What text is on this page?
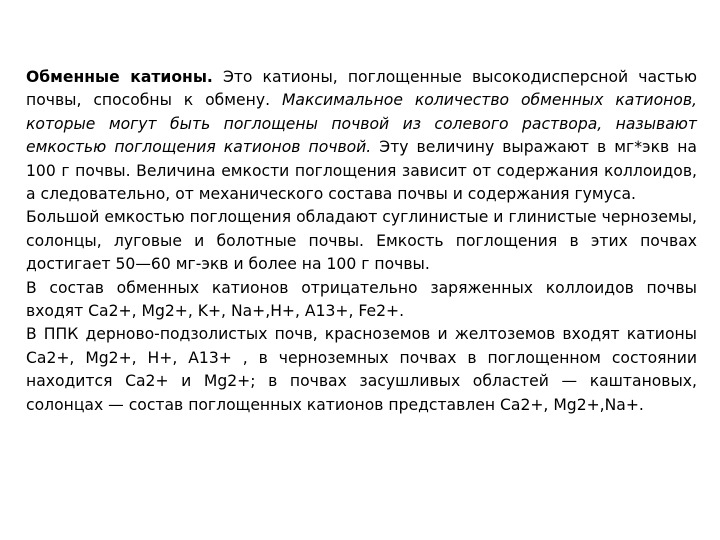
Обменные катионы. Это катионы, поглощенные высокодисперсной частью почвы, способны к обмену. Максимальное количество обменных катионов, которые могут быть поглощены почвой из солевого раствора, называют емкостью поглощения катионов почвой. Эту величину выражают в мг*экв на 100 г почвы. Величина емкости поглощения зависит от содержания коллоидов, а следовательно, от механического состава почвы и содержания гумуса.

Большой емкостью поглощения обладают суглинистые и глинистые черноземы, солонцы, луговые и болотные почвы. Емкость поглощения в этих почвах достигает 50—60 мг-экв и более на 100 г почвы.

В состав обменных катионов отрицательно заряженных коллоидов почвы входят Ca2+, Mg2+, K+, Na+,H+, A13+, Fe2+.

В ППК дерново-подзолистых почв, красноземов и желтоземов входят катионы Ca2+, Mg2+, H+, A13+ , в черноземных почвах в поглощенном состоянии находится Ca2+ и Mg2+; в почвах засушливых областей — каштановых, солонцах — состав поглощенных катионов представлен Ca2+, Mg2+,Na+.
